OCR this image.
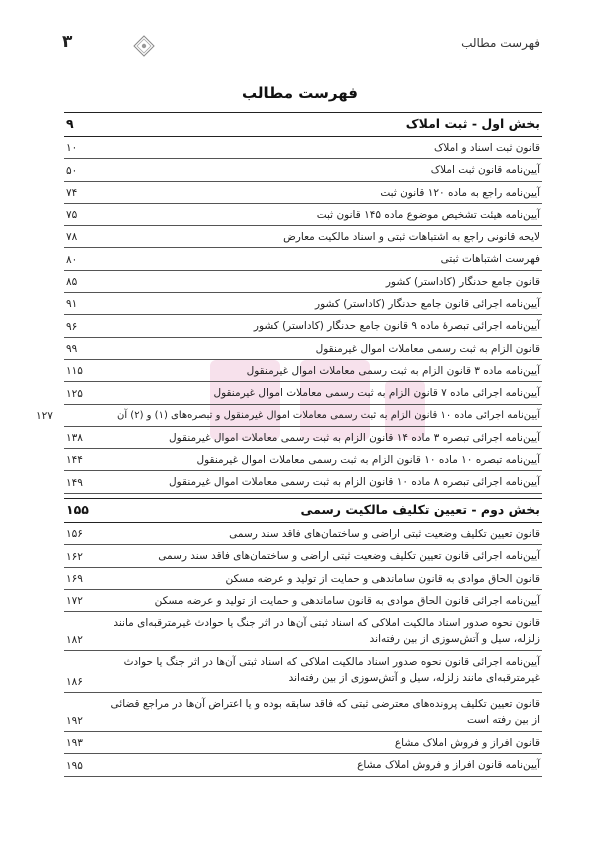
فهرست مطالب
۳
فهرست مطالب
بخش اول - ثبت املاک
۹
قانون ثبت اسناد و املاک
۱۰
آیین‌نامه قانون ثبت املاک
۵۰
آیین‌نامه راجع به ماده ۱۲۰ قانون ثبت
۷۴
آیین‌نامه هیئت تشخیص موضوع ماده ۱۴۵ قانون ثبت
۷۵
لایحه قانونی راجع به اشتباهات ثبتی و اسناد مالکیت معارض
۷۸
فهرست اشتباهات ثبتی
۸۰
قانون جامع حدنگار (کاداستر) کشور
۸۵
آیین‌نامه اجرائی قانون جامع حدنگار (کاداستر) کشور
۹۱
آیین‌نامه اجرائی تبصرۀ ماده ۹ قانون جامع حدنگار (کاداستر) کشور
۹۶
قانون الزام به ثبت رسمی معاملات اموال غیرمنقول
۹۹
آیین‌نامه ماده ۳ قانون الزام به ثبت رسمی معاملات اموال غیرمنقول
۱۱۵
آیین‌نامه اجرائی ماده ۷ قانون الزام به ثبت رسمی معاملات اموال غیرمنقول
۱۲۵
آیین‌نامه اجرائی ماده ۱۰ قانون الزام به ثبت رسمی معاملات اموال غیرمنقول و تبصره‌های (۱) و (۲) آن
۱۲۷
آیین‌نامه اجرائی تبصره ۳ ماده ۱۴ قانون الزام به ثبت رسمی معاملات اموال غیرمنقول
۱۳۸
آیین‌نامه تبصره ۱۰ ماده ۱۰ قانون الزام به ثبت رسمی معاملات اموال غیرمنقول
۱۴۴
آیین‌نامه اجرائی تبصره ۸ ماده ۱۰ قانون الزام به ثبت رسمی معاملات اموال غیرمنقول
۱۴۹
بخش دوم - تعیین تکلیف مالکیت رسمی
۱۵۵
قانون تعیین تکلیف وضعیت ثبتی اراضی و ساختمان‌های فاقد سند رسمی
۱۵۶
آیین‌نامه اجرائی قانون تعیین تکلیف وضعیت ثبتی اراضی و ساختمان‌های فاقد سند رسمی
۱۶۲
قانون الحاق موادی به قانون ساماندهی و حمایت از تولید و عرضه مسکن
۱۶۹
آیین‌نامه اجرائی قانون الحاق موادی به قانون ساماندهی و حمایت از تولید و عرضه مسکن
۱۷۲
قانون نحوه صدور اسناد مالکیت املاکی که اسناد ثبتی آن‌ها در اثر جنگ یا حوادث غیرمترقبه‌ای مانند زلزله، سیل و آتش‌سوزی از بین رفته‌اند
۱۸۲
آیین‌نامه اجرائی قانون نحوه صدور اسناد مالکیت املاکی که اسناد ثبتی آن‌ها در اثر جنگ یا حوادث غیرمترقبه‌ای مانند زلزله، سیل و آتش‌سوزی از بین رفته‌اند
۱۸۶
قانون تعیین تکلیف پرونده‌های معترضی ثبتی که فاقد سابقه بوده و یا اعتراض آن‌ها در مراجع قضائی از بین رفته است
۱۹۲
قانون افراز و فروش املاک مشاع
۱۹۳
آیین‌نامه قانون افراز و فروش املاک مشاع
۱۹۵
